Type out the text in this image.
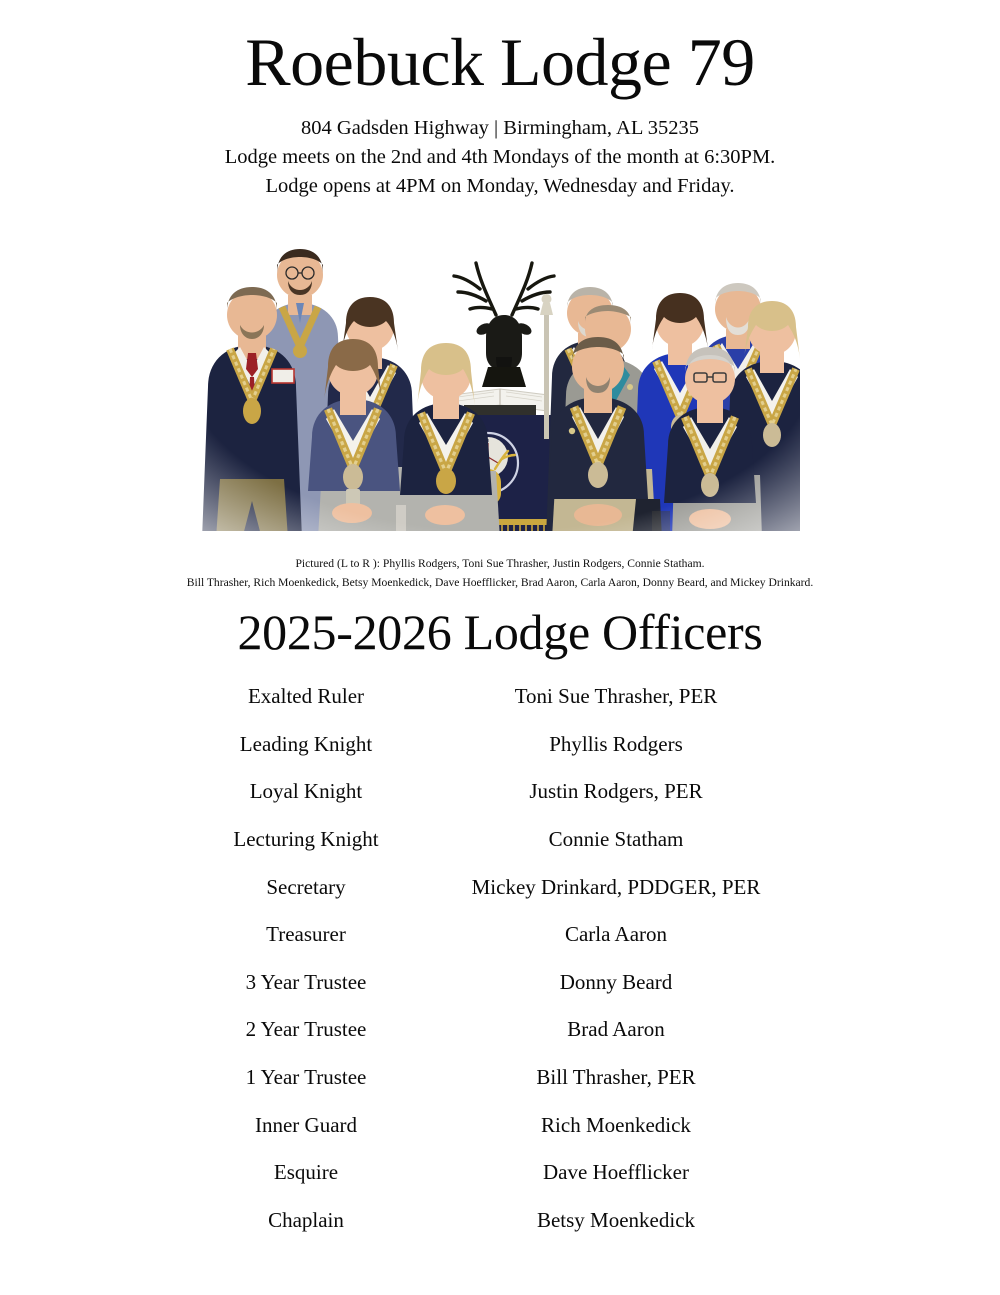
Roebuck Lodge 79

804 Gadsden Highway | Birmingham, AL 35235

Lodge meets on the 2nd and 4th Mondays of the month at 6:30PM.

Lodge opens at 4PM on Monday, Wednesday and Friday.

Pictured (L to R ): Phyllis Rodgers, Toni Sue Thrasher, Justin Rodgers, Connie Statham.

Bill Thrasher, Rich Moenkedick, Betsy Moenkedick, Dave Hoefflicker, Brad Aaron, Carla Aaron, Donny Beard, and Mickey Drinkard.

2025-2026 Lodge Officers
Exalted Ruler	Toni Sue Thrasher, PER
Leading Knight	Phyllis Rodgers
Loyal Knight	Justin Rodgers, PER
Lecturing Knight	Connie Statham
Secretary	Mickey Drinkard, PDDGER, PER
Treasurer	Carla Aaron
3 Year Trustee	Donny Beard
2 Year Trustee	Brad Aaron
1 Year Trustee	Bill Thrasher, PER
Inner Guard	Rich Moenkedick
Esquire	Dave Hoefflicker
Chaplain	Betsy Moenkedick
